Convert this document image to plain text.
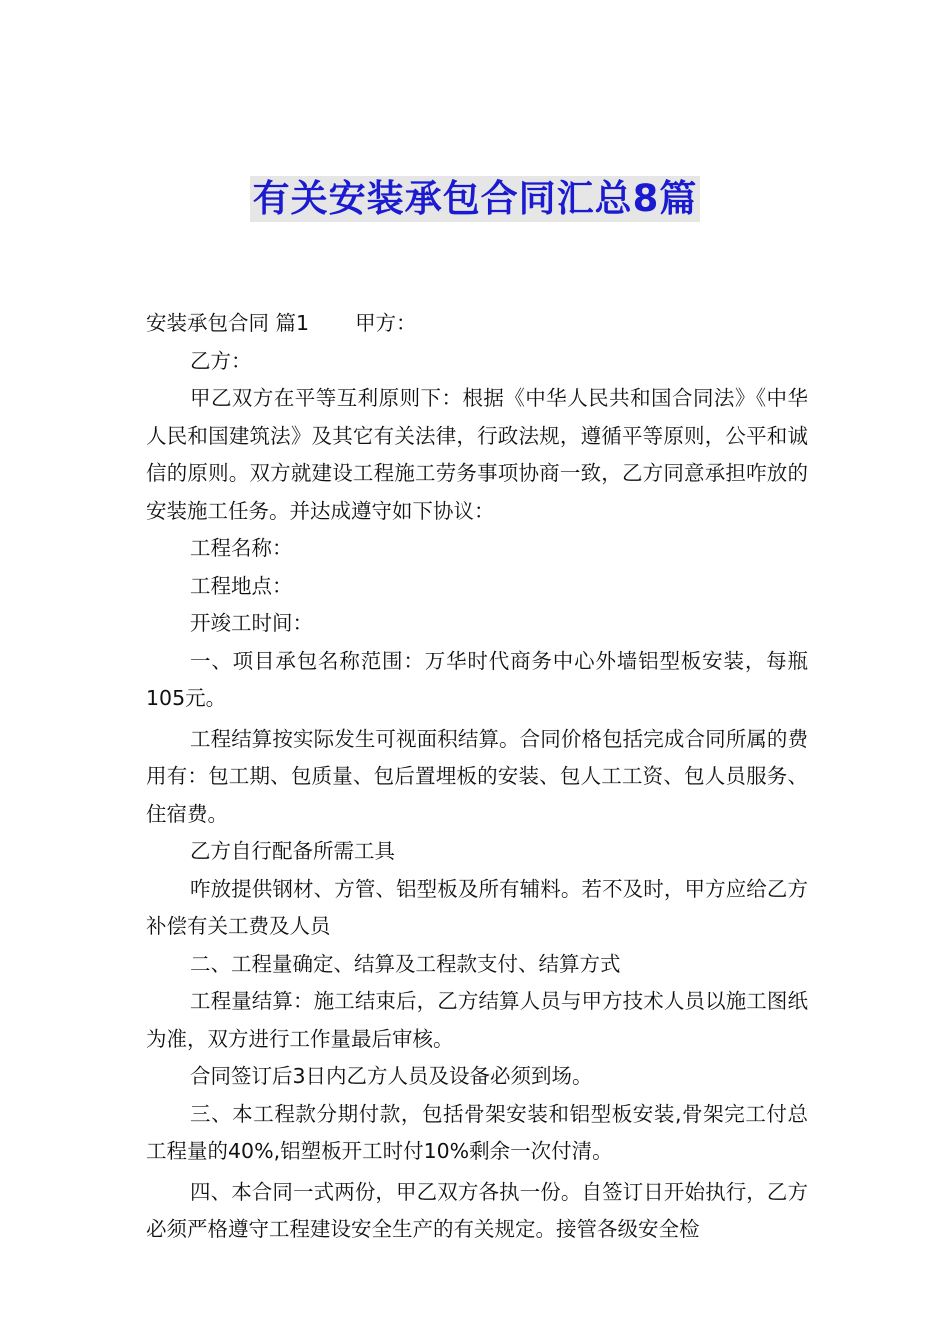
有关安装承包合同汇总8篇

安装承包合同 篇1 甲方：

乙方：

甲乙双方在平等互利原则下：根据《中华人民共和国合同法》《中华人民和国建筑法》及其它有关法律，行政法规，遵循平等原则，公平和诚信的原则。双方就建设工程施工劳务事项协商一致，乙方同意承担咋放的安装施工任务。并达成遵守如下协议：

工程名称：

工程地点：

开竣工时间：

一、项目承包名称范围：万华时代商务中心外墙铝型板安装，每瓶105元。

工程结算按实际发生可视面积结算。合同价格包括完成合同所属的费用有：包工期、包质量、包后置埋板的安装、包人工工资、包人员服务、住宿费。

乙方自行配备所需工具

咋放提供钢材、方管、铝型板及所有辅料。若不及时，甲方应给乙方补偿有关工费及人员

二、工程量确定、结算及工程款支付、结算方式

工程量结算：施工结束后，乙方结算人员与甲方技术人员以施工图纸为准，双方进行工作量最后审核。

合同签订后3日内乙方人员及设备必须到场。

三、本工程款分期付款，包括骨架安装和铝型板安装,骨架完工付总工程量的40%,铝塑板开工时付10%剩余一次付清。

四、本合同一式两份，甲乙双方各执一份。自签订日开始执行，乙方必须严格遵守工程建设安全生产的有关规定。接管各级安全检
